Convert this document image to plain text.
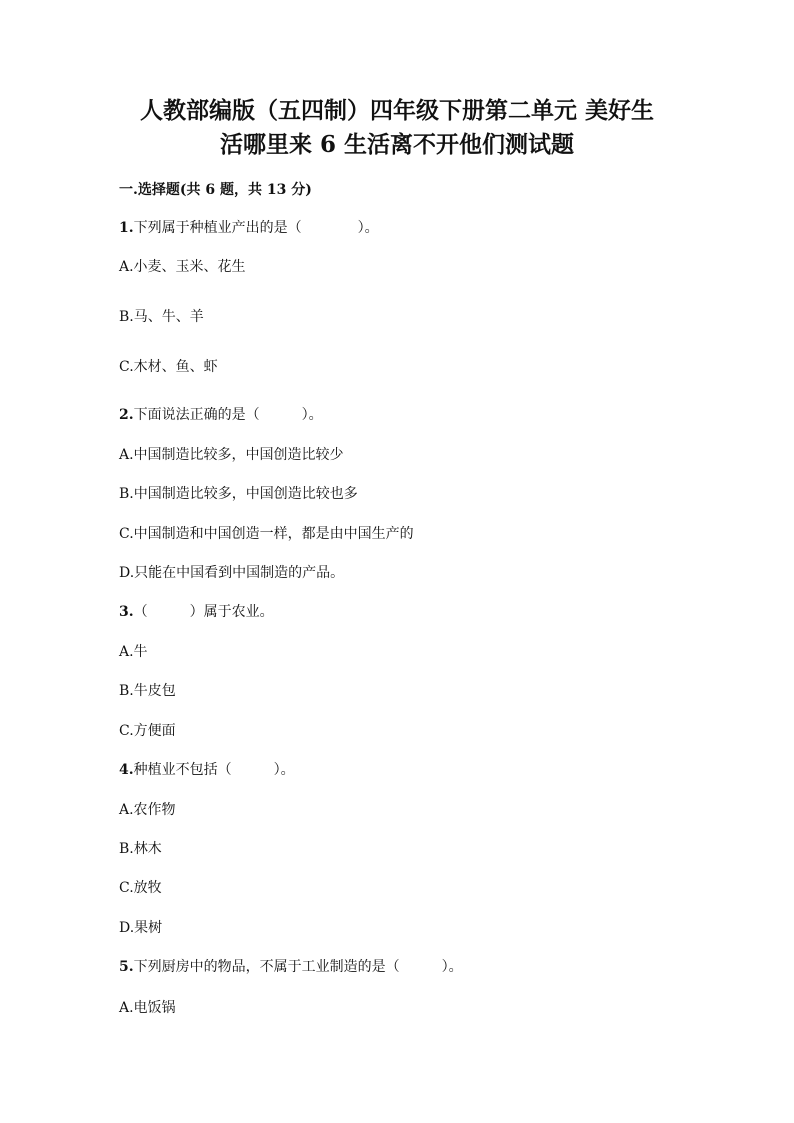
人教部编版（五四制）四年级下册第二单元 美好生
活哪里来 6 生活离不开他们测试题
一.选择题(共 6 题，共 13 分)
1.下列属于种植业产出的是（　　　　）。
A.小麦、玉米、花生
B.马、牛、羊
C.木材、鱼、虾
2.下面说法正确的是（　　　）。
A.中国制造比较多，中国创造比较少
B.中国制造比较多，中国创造比较也多
C.中国制造和中国创造一样，都是由中国生产的
D.只能在中国看到中国制造的产品。
3.（　　　）属于农业。
A.牛
B.牛皮包
C.方便面
4.种植业不包括（　　　）。
A.农作物
B.林木
C.放牧
D.果树
5.下列厨房中的物品，不属于工业制造的是（　　　）。
A.电饭锅
